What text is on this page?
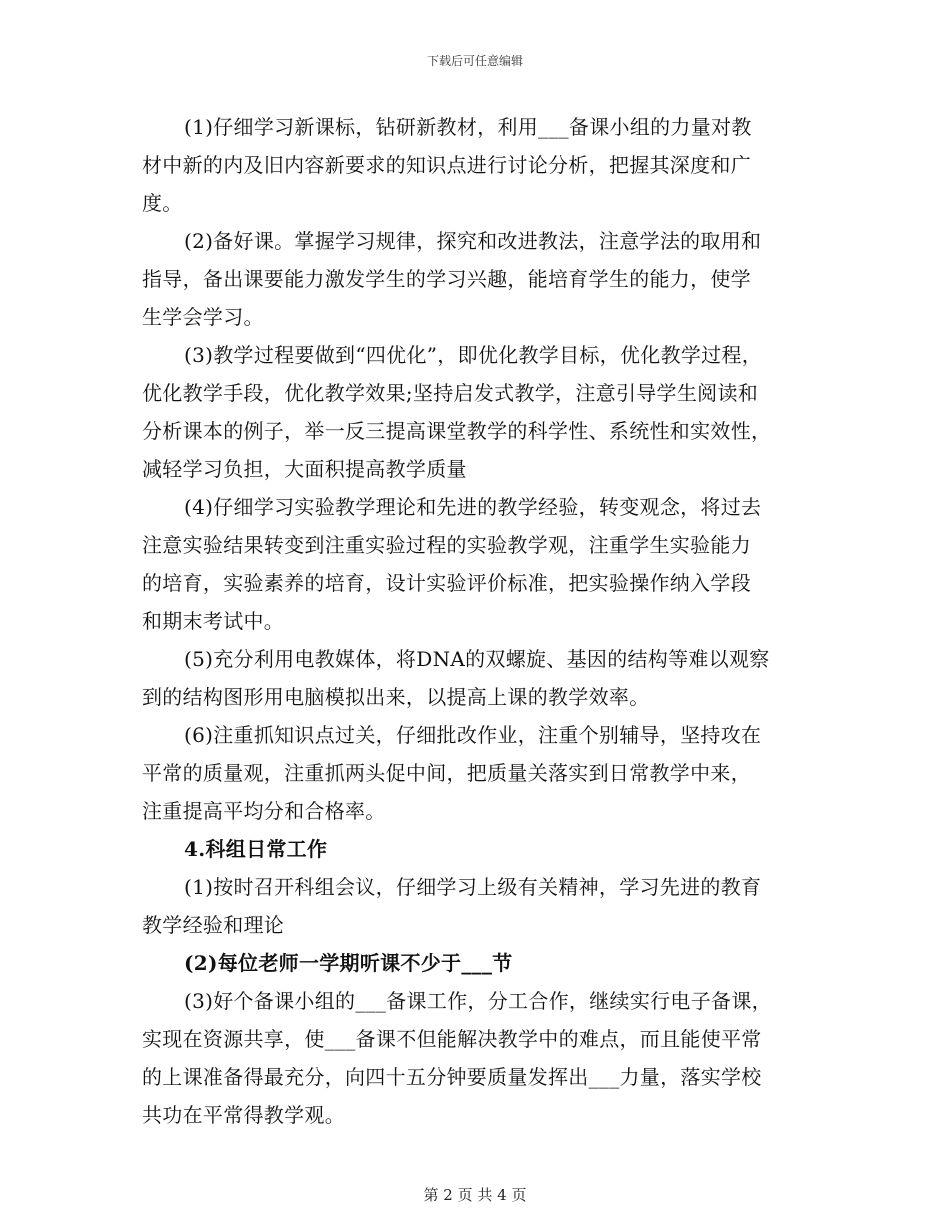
下载后可任意编辑
(1)仔细学习新课标，钻研新教材，利用___备课小组的力量对教
材中新的内及旧内容新要求的知识点进行讨论分析，把握其深度和广
度。
(2)备好课。掌握学习规律，探究和改进教法，注意学法的取用和
指导，备出课要能力激发学生的学习兴趣，能培育学生的能力，使学
生学会学习。
(3)教学过程要做到“四优化”，即优化教学目标，优化教学过程，
优化教学手段，优化教学效果;坚持启发式教学，注意引导学生阅读和
分析课本的例子，举一反三提高课堂教学的科学性、系统性和实效性，
减轻学习负担，大面积提高教学质量
(4)仔细学习实验教学理论和先进的教学经验，转变观念，将过去
注意实验结果转变到注重实验过程的实验教学观，注重学生实验能力
的培育，实验素养的培育，设计实验评价标准，把实验操作纳入学段
和期末考试中。
(5)充分利用电教媒体，将DNA的双螺旋、基因的结构等难以观察
到的结构图形用电脑模拟出来，以提高上课的教学效率。
(6)注重抓知识点过关，仔细批改作业，注重个别辅导，坚持攻在
平常的质量观，注重抓两头促中间，把质量关落实到日常教学中来，
注重提高平均分和合格率。
4.科组日常工作
(1)按时召开科组会议，仔细学习上级有关精神，学习先进的教育
教学经验和理论
(2)每位老师一学期听课不少于___节
(3)好个备课小组的___备课工作，分工合作，继续实行电子备课，
实现在资源共享，使___备课不但能解决教学中的难点，而且能使平常
的上课准备得最充分，向四十五分钟要质量发挥出___力量，落实学校
共功在平常得教学观。
第 2 页 共 4 页
